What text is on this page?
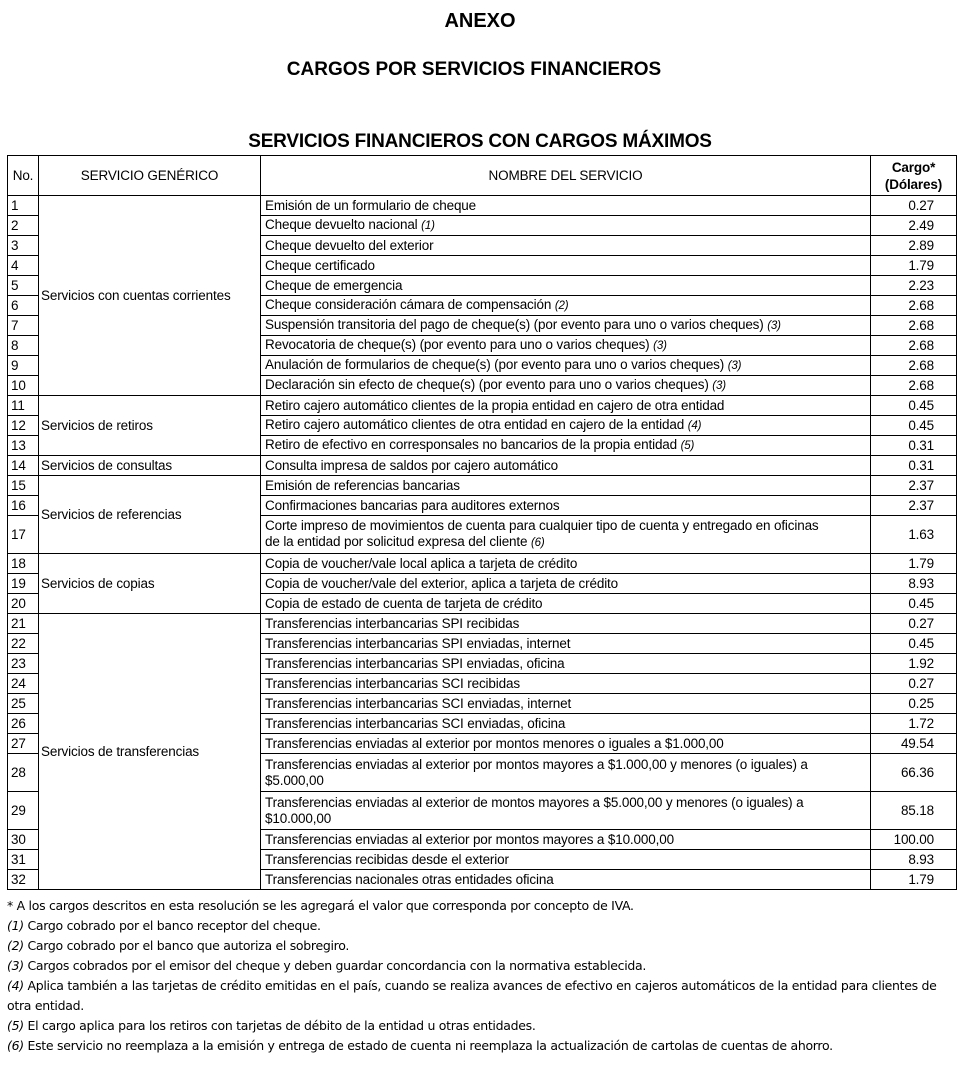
ANEXO
CARGOS POR SERVICIOS FINANCIEROS
SERVICIOS FINANCIEROS CON CARGOS MÁXIMOS
No.	SERVICIO GENÉRICO	NOMBRE DEL SERVICIO	Cargo*
(Dólares)
1	Servicios con cuentas corrientes	Emisión de un formulario de cheque	0.27
2		Cheque devuelto nacional (1)	2.49
3		Cheque devuelto del exterior	2.89
4		Cheque certificado	1.79
5		Cheque de emergencia	2.23
6		Cheque consideración cámara de compensación (2)	2.68
7		Suspensión transitoria del pago de cheque(s) (por evento para uno o varios cheques) (3)	2.68
8		Revocatoria de cheque(s) (por evento para uno o varios cheques) (3)	2.68
9		Anulación de formularios de cheque(s) (por evento para uno o varios cheques) (3)	2.68
10		Declaración sin efecto de cheque(s) (por evento para uno o varios cheques) (3)	2.68
11	Servicios de retiros	Retiro cajero automático clientes de la propia entidad en cajero de otra entidad	0.45
12		Retiro cajero automático clientes de otra entidad en cajero de la entidad (4)	0.45
13		Retiro de efectivo en corresponsales no bancarios de la propia entidad (5)	0.31
14	Servicios de consultas	Consulta impresa de saldos por cajero automático	0.31
15	Servicios de referencias	Emisión de referencias bancarias	2.37
16		Confirmaciones bancarias para auditores externos	2.37
17		Corte impreso de movimientos de cuenta para cualquier tipo de cuenta y entregado en oficinas
de la entidad por solicitud expresa del cliente (6)	1.63
18	Servicios de copias	Copia de voucher/vale local aplica a tarjeta de crédito	1.79
19		Copia de voucher/vale del exterior, aplica a tarjeta de crédito	8.93
20		Copia de estado de cuenta de tarjeta de crédito	0.45
21	Servicios de transferencias	Transferencias interbancarias SPI recibidas	0.27
22		Transferencias interbancarias SPI enviadas, internet	0.45
23		Transferencias interbancarias SPI enviadas, oficina	1.92
24		Transferencias interbancarias SCI recibidas	0.27
25		Transferencias interbancarias SCI enviadas, internet	0.25
26		Transferencias interbancarias SCI enviadas, oficina	1.72
27		Transferencias enviadas al exterior por montos menores o iguales a $1.000,00	49.54
28		Transferencias enviadas al exterior por montos mayores a $1.000,00 y menores (o iguales) a
$5.000,00	66.36
29		Transferencias enviadas al exterior de montos mayores a $5.000,00 y menores (o iguales) a
$10.000,00	85.18
30		Transferencias enviadas al exterior por montos mayores a $10.000,00	100.00
31		Transferencias recibidas desde el exterior	8.93
32		Transferencias nacionales otras entidades oficina	1.79

* A los cargos descritos en esta resolución se les agregará el valor que corresponda por concepto de IVA.

(1) Cargo cobrado por el banco receptor del cheque.

(2) Cargo cobrado por el banco que autoriza el sobregiro.

(3) Cargos cobrados por el emisor del cheque y deben guardar concordancia con la normativa establecida.

(4) Aplica también a las tarjetas de crédito emitidas en el país, cuando se realiza avances de efectivo en cajeros automáticos de la entidad para clientes de otra entidad.

(5) El cargo aplica para los retiros con tarjetas de débito de la entidad u otras entidades.

(6) Este servicio no reemplaza a la emisión y entrega de estado de cuenta ni reemplaza la actualización de cartolas de cuentas de ahorro.
